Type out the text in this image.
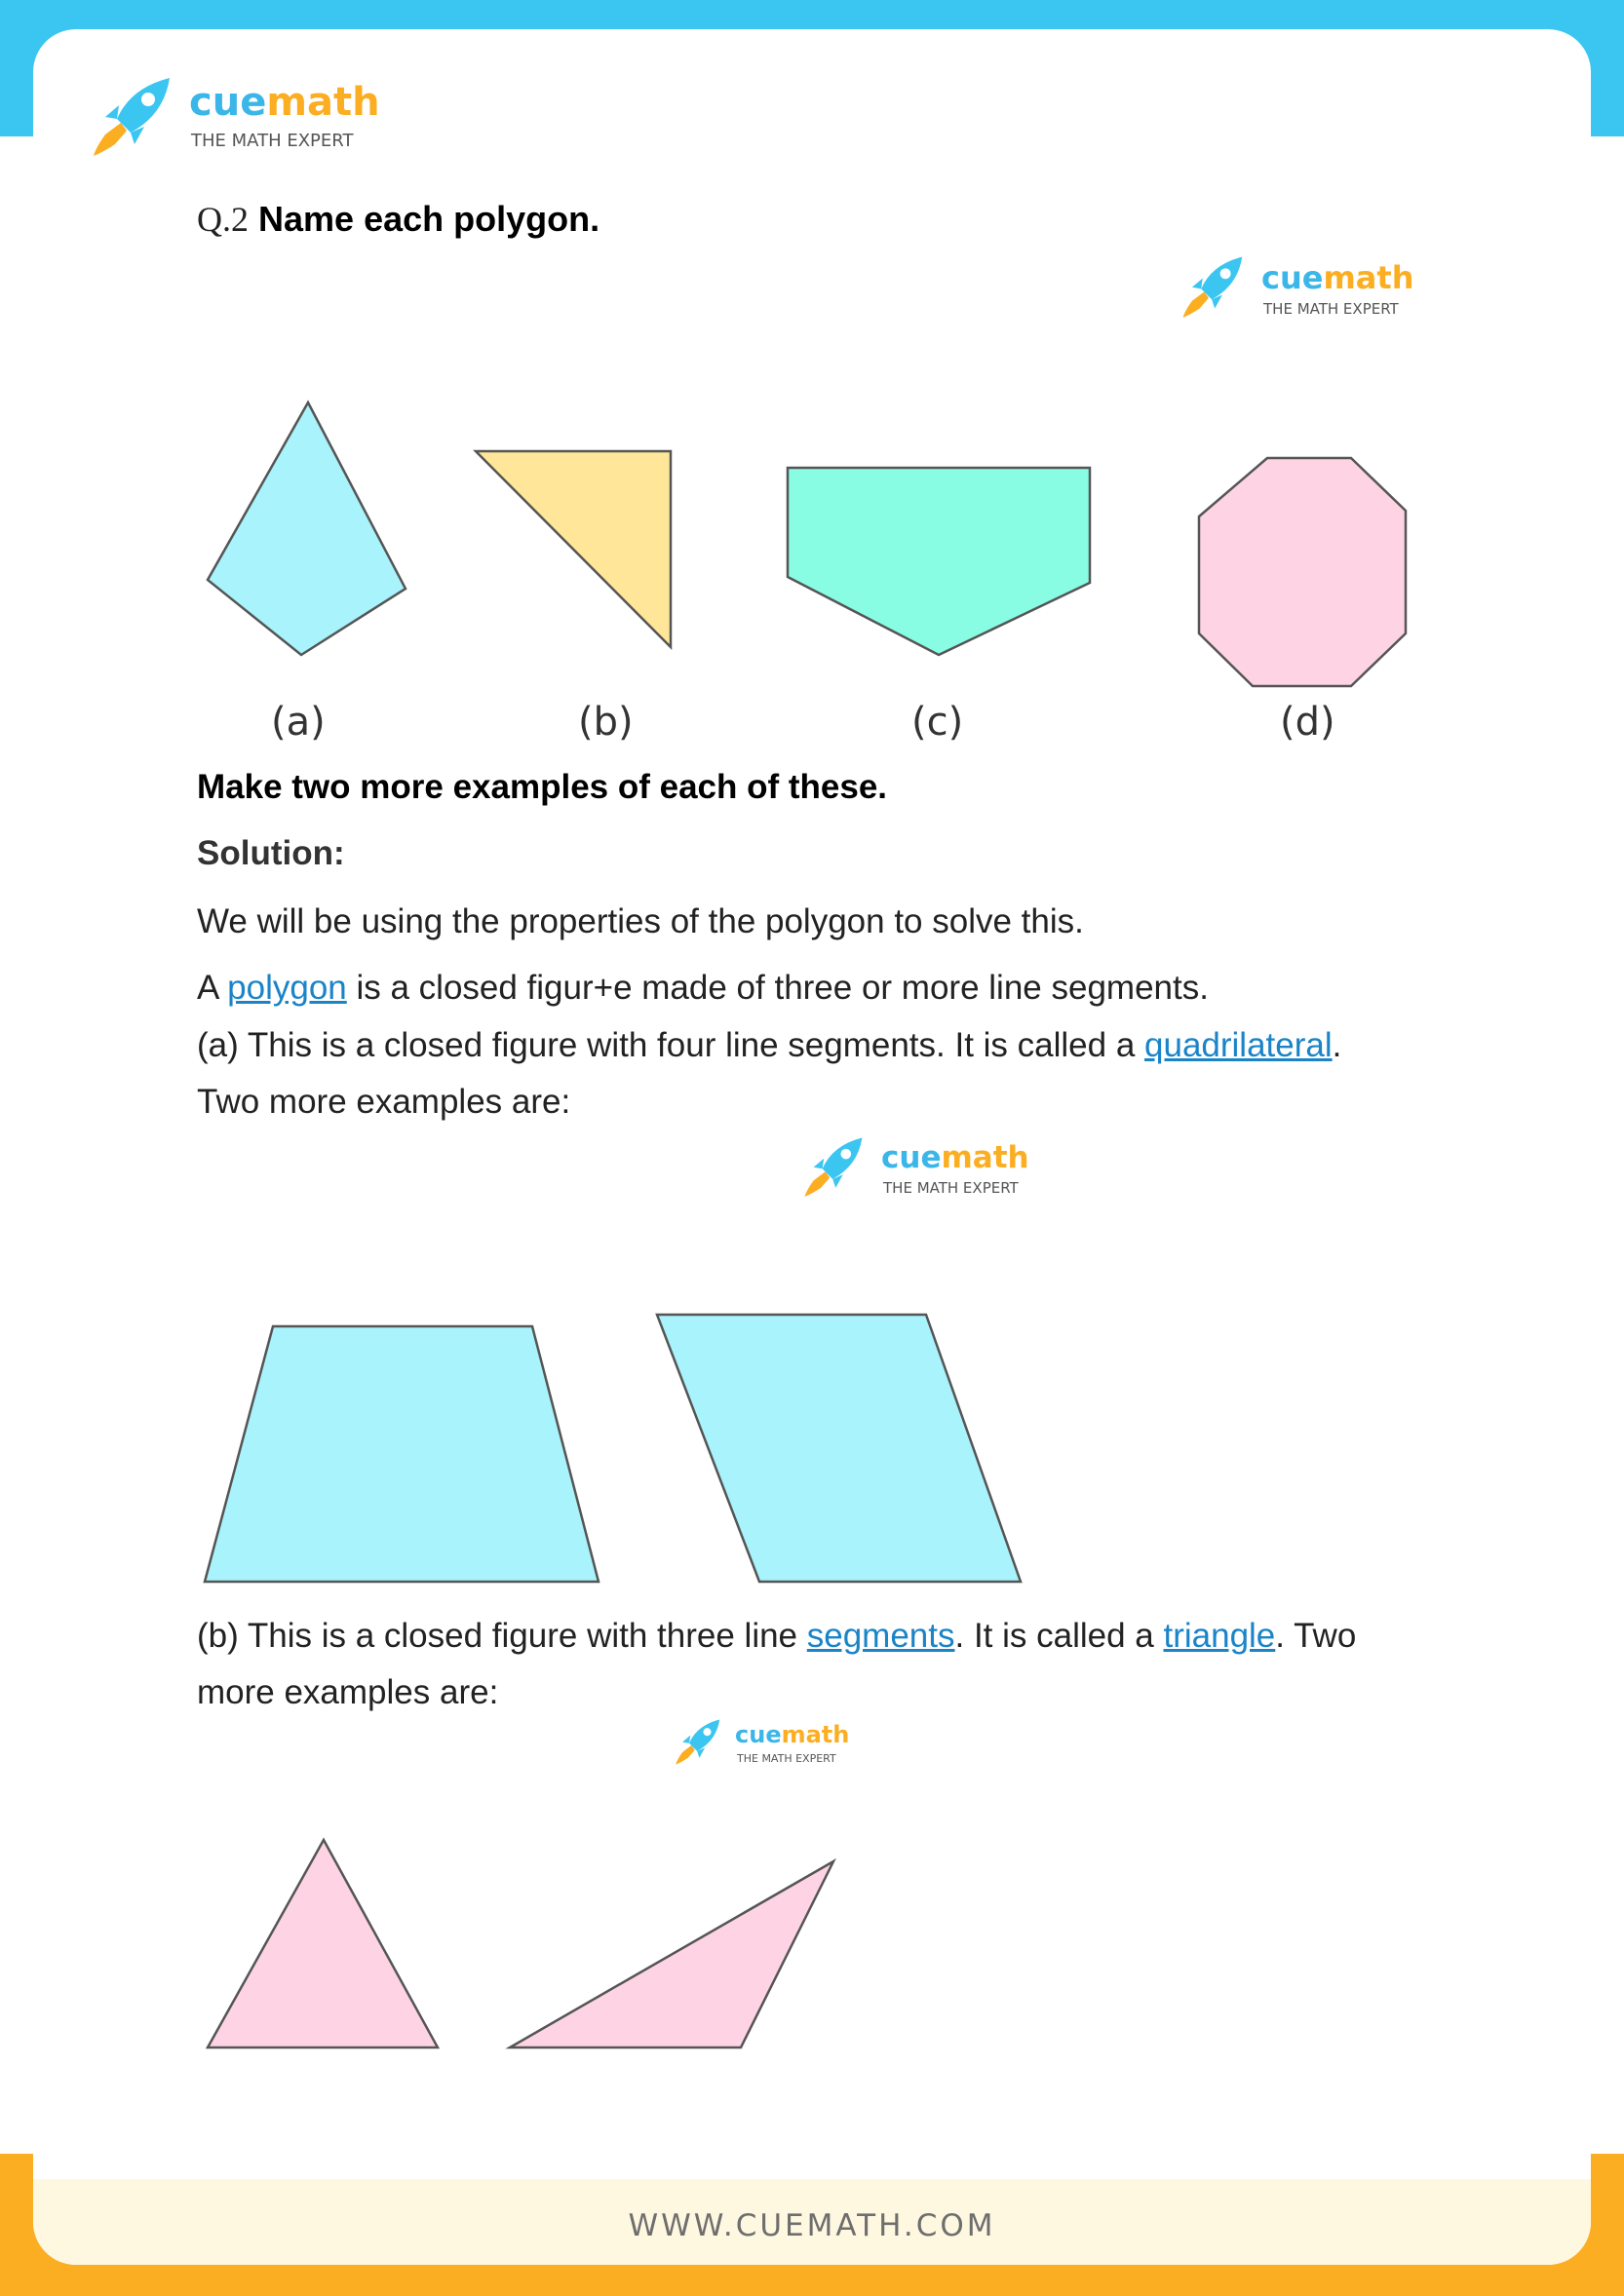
WWW.CUEMATH.COM
cuemath
THE MATH EXPERT
Q.2 Name each polygon.
cuemath
THE MATH EXPERT
(a)	(b)	(c)	(d)
Make two more examples of each of these.
Solution:
We will be using the properties of the polygon to solve this.
A polygon is a closed figur+e made of three or more line segments.
(a) This is a closed figure with four line segments. It is called a quadrilateral.
Two more examples are:
cuemath
THE MATH EXPERT
(b) This is a closed figure with three line segments. It is called a triangle. Two
more examples are:
cuemath
THE MATH EXPERT
